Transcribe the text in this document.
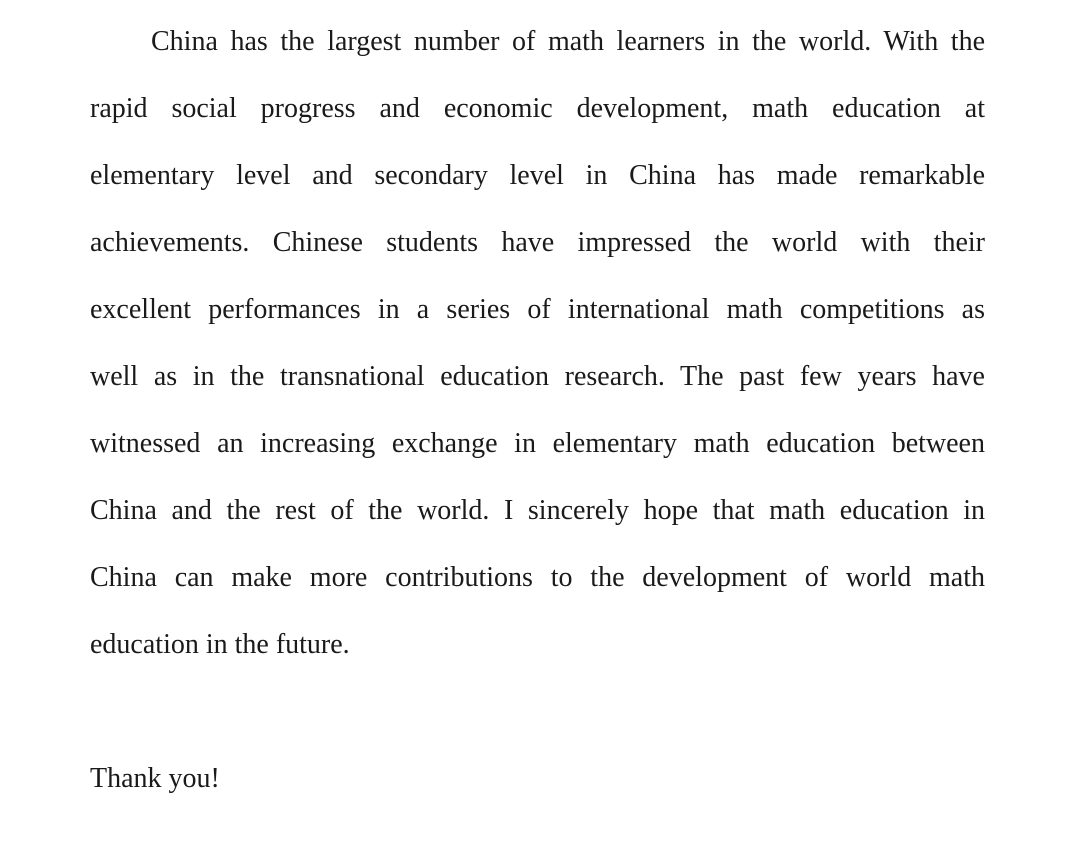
China has the largest number of math learners in the world. With the

rapid social progress and economic development, math education at

elementary level and secondary level in China has made remarkable

achievements. Chinese students have impressed the world with their

excellent performances in a series of international math competitions as

well as in the transnational education research. The past few years have

witnessed an increasing exchange in elementary math education between

China and the rest of the world. I sincerely hope that math education in

China can make more contributions to the development of world math

education in the future.

Thank you!
